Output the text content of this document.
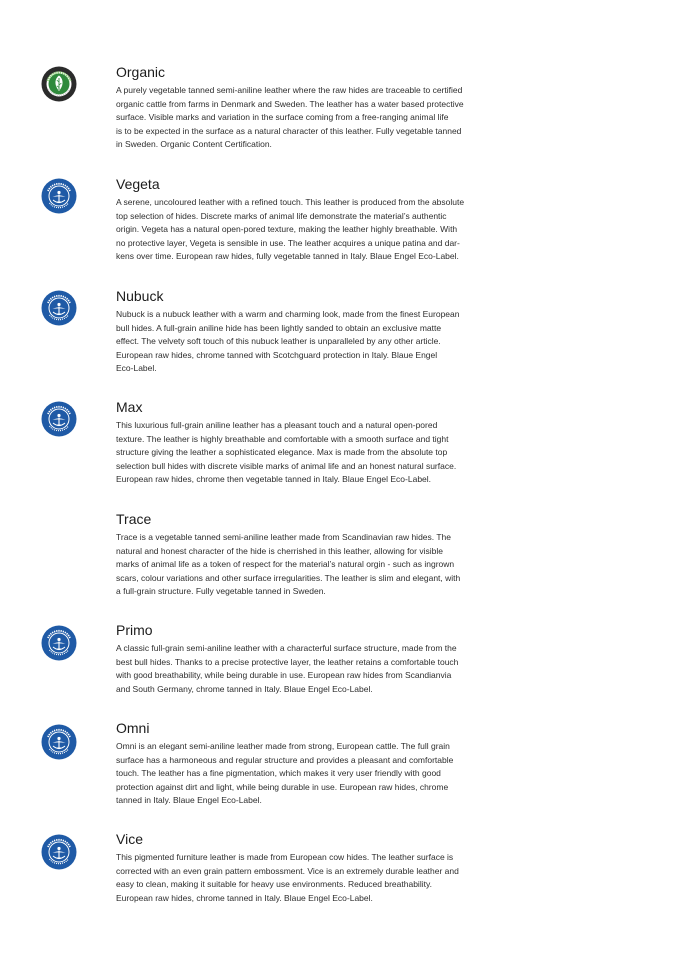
Organic

A purely vegetable tanned semi-aniline leather where the raw hides are traceable to certified
organic cattle from farms in Denmark and Sweden. The leather has a water based protective
surface. Visible marks and variation in the surface coming from a free-ranging animal life
is to be expected in the surface as a natural character of this leather. Fully vegetable tanned
in Sweden. Organic Content Certification.

Vegeta

A serene, uncoloured leather with a refined touch. This leather is produced from the absolute
top selection of hides. Discrete marks of animal life demonstrate the material’s authentic
origin. Vegeta has a natural open-pored texture, making the leather highly breathable. With
no protective layer, Vegeta is sensible in use. The leather acquires a unique patina and dar-
kens over time. European raw hides, fully vegetable tanned in Italy. Blaue Engel Eco-Label.

Nubuck

Nubuck is a nubuck leather with a warm and charming look, made from the finest European
bull hides. A full-grain aniline hide has been lightly sanded to obtain an exclusive matte
effect. The velvety soft touch of this nubuck leather is unparalleled by any other article.
European raw hides, chrome tanned with Scotchguard protection in Italy. Blaue Engel
Eco-Label.

Max

This luxurious full-grain aniline leather has a pleasant touch and a natural open-pored
texture. The leather is highly breathable and comfortable with a smooth surface and tight
structure giving the leather a sophisticated elegance. Max is made from the absolute top
selection bull hides with discrete visible marks of animal life and an honest natural surface.
European raw hides, chrome then vegetable tanned in Italy. Blaue Engel Eco-Label.

Trace

Trace is a vegetable tanned semi-aniline leather made from Scandinavian raw hides. The
natural and honest character of the hide is cherrished in this leather, allowing for visible
marks of animal life as a token of respect for the material’s natural orgin - such as ingrown
scars, colour variations and other surface irregularities. The leather is slim and elegant, with
a full-grain structure. Fully vegetable tanned in Sweden.

Primo

A classic full-grain semi-aniline leather with a characterful surface structure, made from the
best bull hides. Thanks to a precise protective layer, the leather retains a comfortable touch
with good breathability, while being durable in use. European raw hides from Scandianvia
and South Germany, chrome tanned in Italy. Blaue Engel Eco-Label.

Omni

Omni is an elegant semi-aniline leather made from strong, European cattle. The full grain
surface has a harmoneous and regular structure and provides a pleasant and comfortable
touch. The leather has a fine pigmentation, which makes it very user friendly with good
protection against dirt and light, while being durable in use. European raw hides, chrome
tanned in Italy. Blaue Engel Eco-Label.

Vice

This pigmented furniture leather is made from European cow hides. The leather surface is
corrected with an even grain pattern embossment. Vice is an extremely durable leather and
easy to clean, making it suitable for heavy use environments. Reduced breathability.
European raw hides, chrome tanned in Italy. Blaue Engel Eco-Label.
